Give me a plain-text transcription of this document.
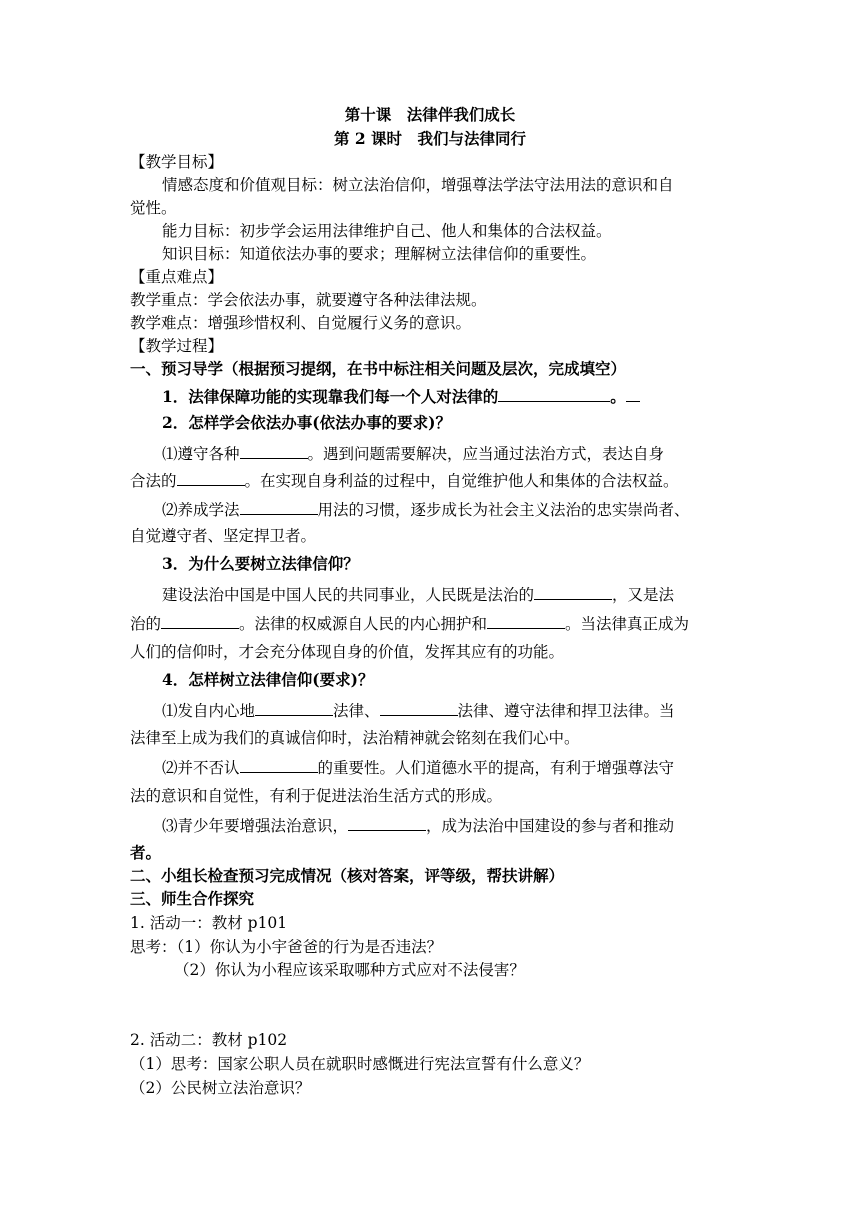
第十课　法律伴我们成长
第 2 课时　我们与法律同行
【教学目标】
情感态度和价值观目标：树立法治信仰，增强尊法学法守法用法的意识和自
觉性。
能力目标：初步学会运用法律维护自己、他人和集体的合法权益。
知识目标：知道依法办事的要求；理解树立法律信仰的重要性。
【重点难点】
教学重点：学会依法办事，就要遵守各种法律法规。
教学难点：增强珍惜权利、自觉履行义务的意识。
【教学过程】
一、预习导学（根据预习提纲，在书中标注相关问题及层次，完成填空）
1．法律保障功能的实现靠我们每一个人对法律的	。
2．怎样学会依法办事(依法办事的要求)？
⑴遵守各种	。遇到问题需要解决，应当通过法治方式，表达自身
合法的	。在实现自身利益的过程中，自觉维护他人和集体的合法权益。
⑵养成学法	用法的习惯，逐步成长为社会主义法治的忠实崇尚者、
自觉遵守者、坚定捍卫者。
3．为什么要树立法律信仰？
建设法治中国是中国人民的共同事业，人民既是法治的	，又是法
治的	。法律的权威源自人民的内心拥护和	。当法律真正成为
人们的信仰时，才会充分体现自身的价值，发挥其应有的功能。
4．怎样树立法律信仰(要求)？
⑴发自内心地	法律、	法律、遵守法律和捍卫法律。当
法律至上成为我们的真诚信仰时，法治精神就会铭刻在我们心中。
⑵并不否认	的重要性。人们道德水平的提高，有利于增强尊法守
法的意识和自觉性，有利于促进法治生活方式的形成。
⑶青少年要增强法治意识，	，成为法治中国建设的参与者和推动
者。
二、小组长检查预习完成情况（核对答案，评等级，帮扶讲解）
三、师生合作探究
1. 活动一：教材 p101
思考：（1）你认为小宇爸爸的行为是否违法？
（2）你认为小程应该采取哪种方式应对不法侵害？
2. 活动二：教材 p102
（1）思考：国家公职人员在就职时感慨进行宪法宣誓有什么意义？
（2）公民树立法治意识？
